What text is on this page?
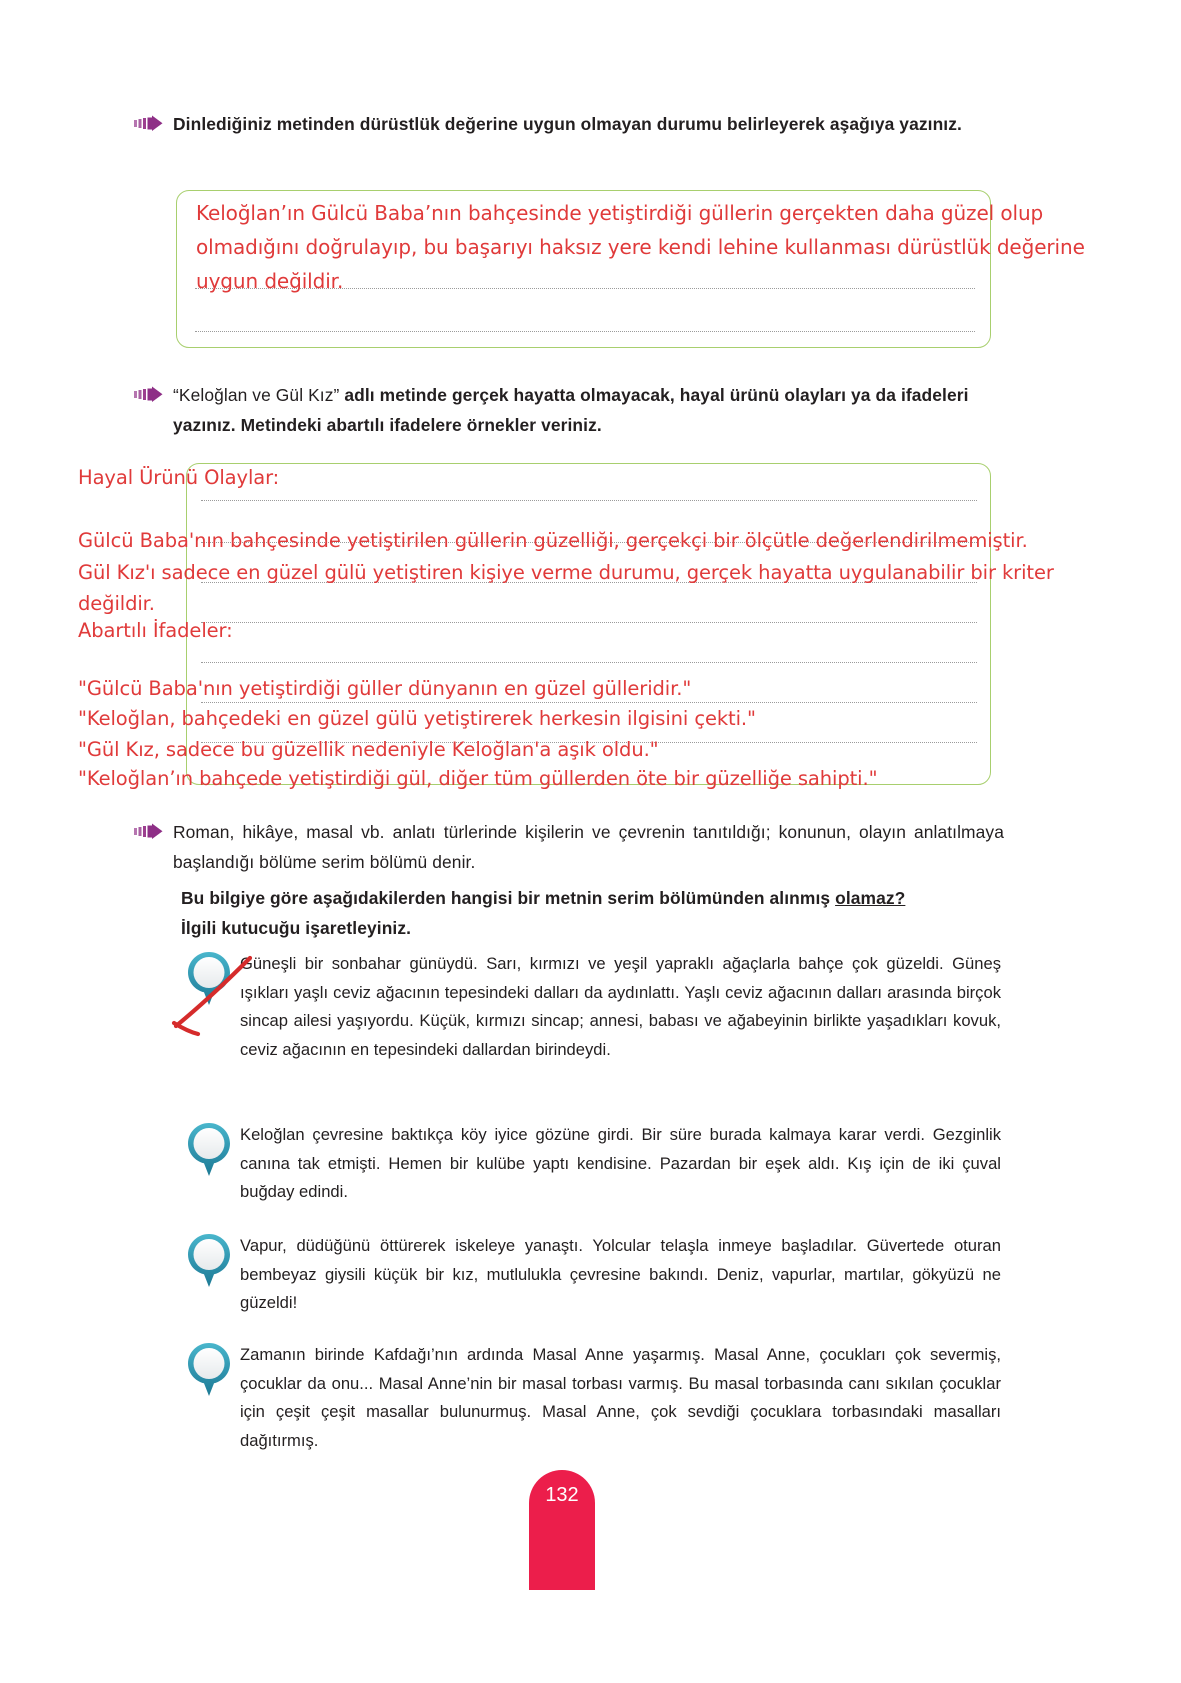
Dinlediğiniz metinden dürüstlük değerine uygun olmayan durumu belirleyerek aşağıya yazınız.
Keloğlan’ın Gülcü Baba’nın bahçesinde yetiştirdiği güllerin gerçekten daha güzel olup
olmadığını doğrulayıp, bu başarıyı haksız yere kendi lehine kullanması dürüstlük değerine
uygun değildir.
“Keloğlan ve Gül Kız” adlı metinde gerçek hayatta olmayacak, hayal ürünü olayları ya da ifadeleri yazınız. Metindeki abartılı ifadelere örnekler veriniz.
Hayal Ürünü Olaylar:
Gülcü Baba'nın bahçesinde yetiştirilen güllerin güzelliği, gerçekçi bir ölçütle değerlendirilmemiştir.
Gül Kız'ı sadece en güzel gülü yetiştiren kişiye verme durumu, gerçek hayatta uygulanabilir bir kriter
değildir.
Abartılı İfadeler:
"Gülcü Baba'nın yetiştirdiği güller dünyanın en güzel gülleridir."
"Keloğlan, bahçedeki en güzel gülü yetiştirerek herkesin ilgisini çekti."
"Gül Kız, sadece bu güzellik nedeniyle Keloğlan'a aşık oldu."
"Keloğlan’ın bahçede yetiştirdiği gül, diğer tüm güllerden öte bir güzelliğe sahipti."
Roman, hikâye, masal vb. anlatı türlerinde kişilerin ve çevrenin tanıtıldığı; konunun, olayın anlatılmaya başlandığı bölüme serim bölümü denir.
Bu bilgiye göre aşağıdakilerden hangisi bir metnin serim bölümünden alınmış olamaz?
İlgili kutucuğu işaretleyiniz.
Güneşli bir sonbahar günüydü. Sarı, kırmızı ve yeşil yapraklı ağaçlarla bahçe çok güzeldi. Güneş ışıkları yaşlı ceviz ağacının tepesindeki dalları da aydınlattı. Yaşlı ceviz ağacının dalları arasında birçok sincap ailesi yaşıyordu. Küçük, kırmızı sincap; annesi, babası ve ağabeyinin birlikte yaşadıkları kovuk, ceviz ağacının en tepesindeki dallardan birindeydi.
Keloğlan çevresine baktıkça köy iyice gözüne girdi. Bir süre burada kalmaya karar verdi. Gezginlik canına tak etmişti. Hemen bir kulübe yaptı kendisine. Pazardan bir eşek aldı. Kış için de iki çuval buğday edindi.
Vapur, düdüğünü öttürerek iskeleye yanaştı. Yolcular telaşla inmeye başladılar. Güvertede oturan bembeyaz giysili küçük bir kız, mutlulukla çevresine bakındı. Deniz, vapurlar, martılar, gökyüzü ne güzeldi!
Zamanın birinde Kafdağı’nın ardında Masal Anne yaşarmış. Masal Anne, çocukları çok severmiş, çocuklar da onu... Masal Anne’nin bir masal torbası varmış. Bu masal torbasında canı sıkılan çocuklar için çeşit çeşit masallar bulunurmuş. Masal Anne, çok sevdiği çocuklara torbasındaki masalları dağıtırmış.
132
